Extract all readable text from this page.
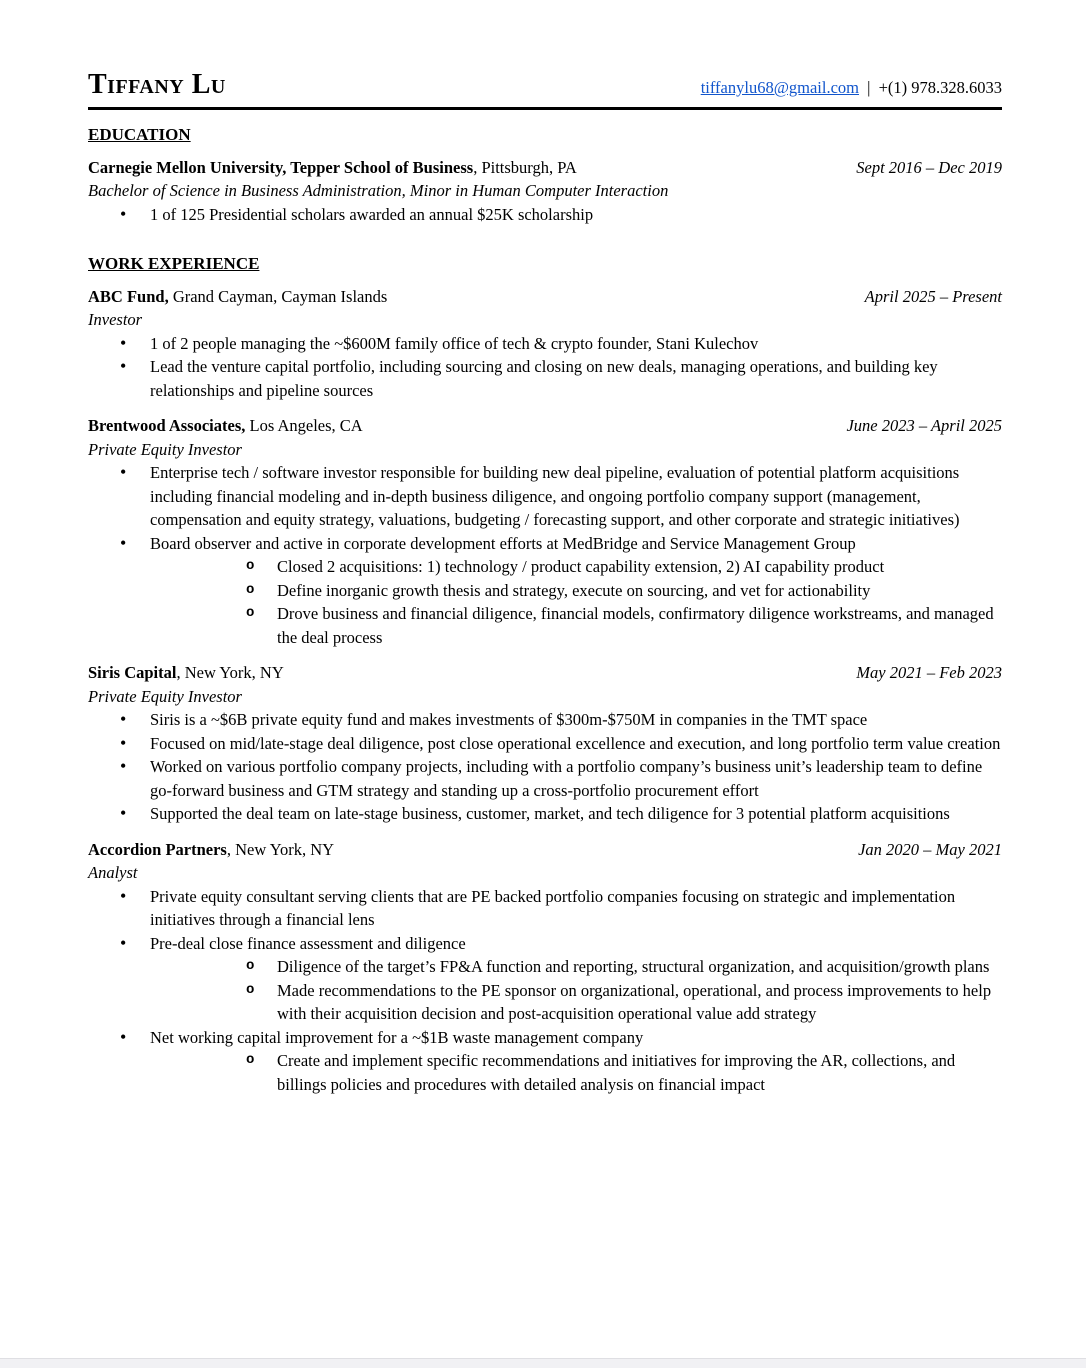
Tiffany Lu	tiffanylu68@gmail.com | +(1) 978.328.6033
EDUCATION
Carnegie Mellon University, Tepper School of Business, Pittsburgh, PA	Sept 2016 – Dec 2019
Bachelor of Science in Business Administration, Minor in Human Computer Interaction
• 1 of 125 Presidential scholars awarded an annual $25K scholarship
WORK EXPERIENCE
ABC Fund, Grand Cayman, Cayman Islands	April 2025 – Present
Investor
• 1 of 2 people managing the ~$600M family office of tech & crypto founder, Stani Kulechov
• Lead the venture capital portfolio, including sourcing and closing on new deals, managing operations, and building key relationships and pipeline sources
Brentwood Associates, Los Angeles, CA	June 2023 – April 2025
Private Equity Investor
• Enterprise tech / software investor responsible for building new deal pipeline, evaluation of potential platform acquisitions including financial modeling and in-depth business diligence, and ongoing portfolio company support (management, compensation and equity strategy, valuations, budgeting / forecasting support, and other corporate and strategic initiatives)
• Board observer and active in corporate development efforts at MedBridge and Service Management Group
o Closed 2 acquisitions: 1) technology / product capability extension, 2) AI capability product
o Define inorganic growth thesis and strategy, execute on sourcing, and vet for actionability
o Drove business and financial diligence, financial models, confirmatory diligence workstreams, and managed the deal process
Siris Capital, New York, NY	May 2021 – Feb 2023
Private Equity Investor
• Siris is a ~$6B private equity fund and makes investments of $300m-$750M in companies in the TMT space
• Focused on mid/late-stage deal diligence, post close operational excellence and execution, and long portfolio term value creation
• Worked on various portfolio company projects, including with a portfolio company’s business unit’s leadership team to define go-forward business and GTM strategy and standing up a cross-portfolio procurement effort
• Supported the deal team on late-stage business, customer, market, and tech diligence for 3 potential platform acquisitions
Accordion Partners, New York, NY	Jan 2020 – May 2021
Analyst
• Private equity consultant serving clients that are PE backed portfolio companies focusing on strategic and implementation initiatives through a financial lens
• Pre-deal close finance assessment and diligence
o Diligence of the target’s FP&A function and reporting, structural organization, and acquisition/growth plans
o Made recommendations to the PE sponsor on organizational, operational, and process improvements to help with their acquisition decision and post-acquisition operational value add strategy
• Net working capital improvement for a ~$1B waste management company
o Create and implement specific recommendations and initiatives for improving the AR, collections, and billings policies and procedures with detailed analysis on financial impact
